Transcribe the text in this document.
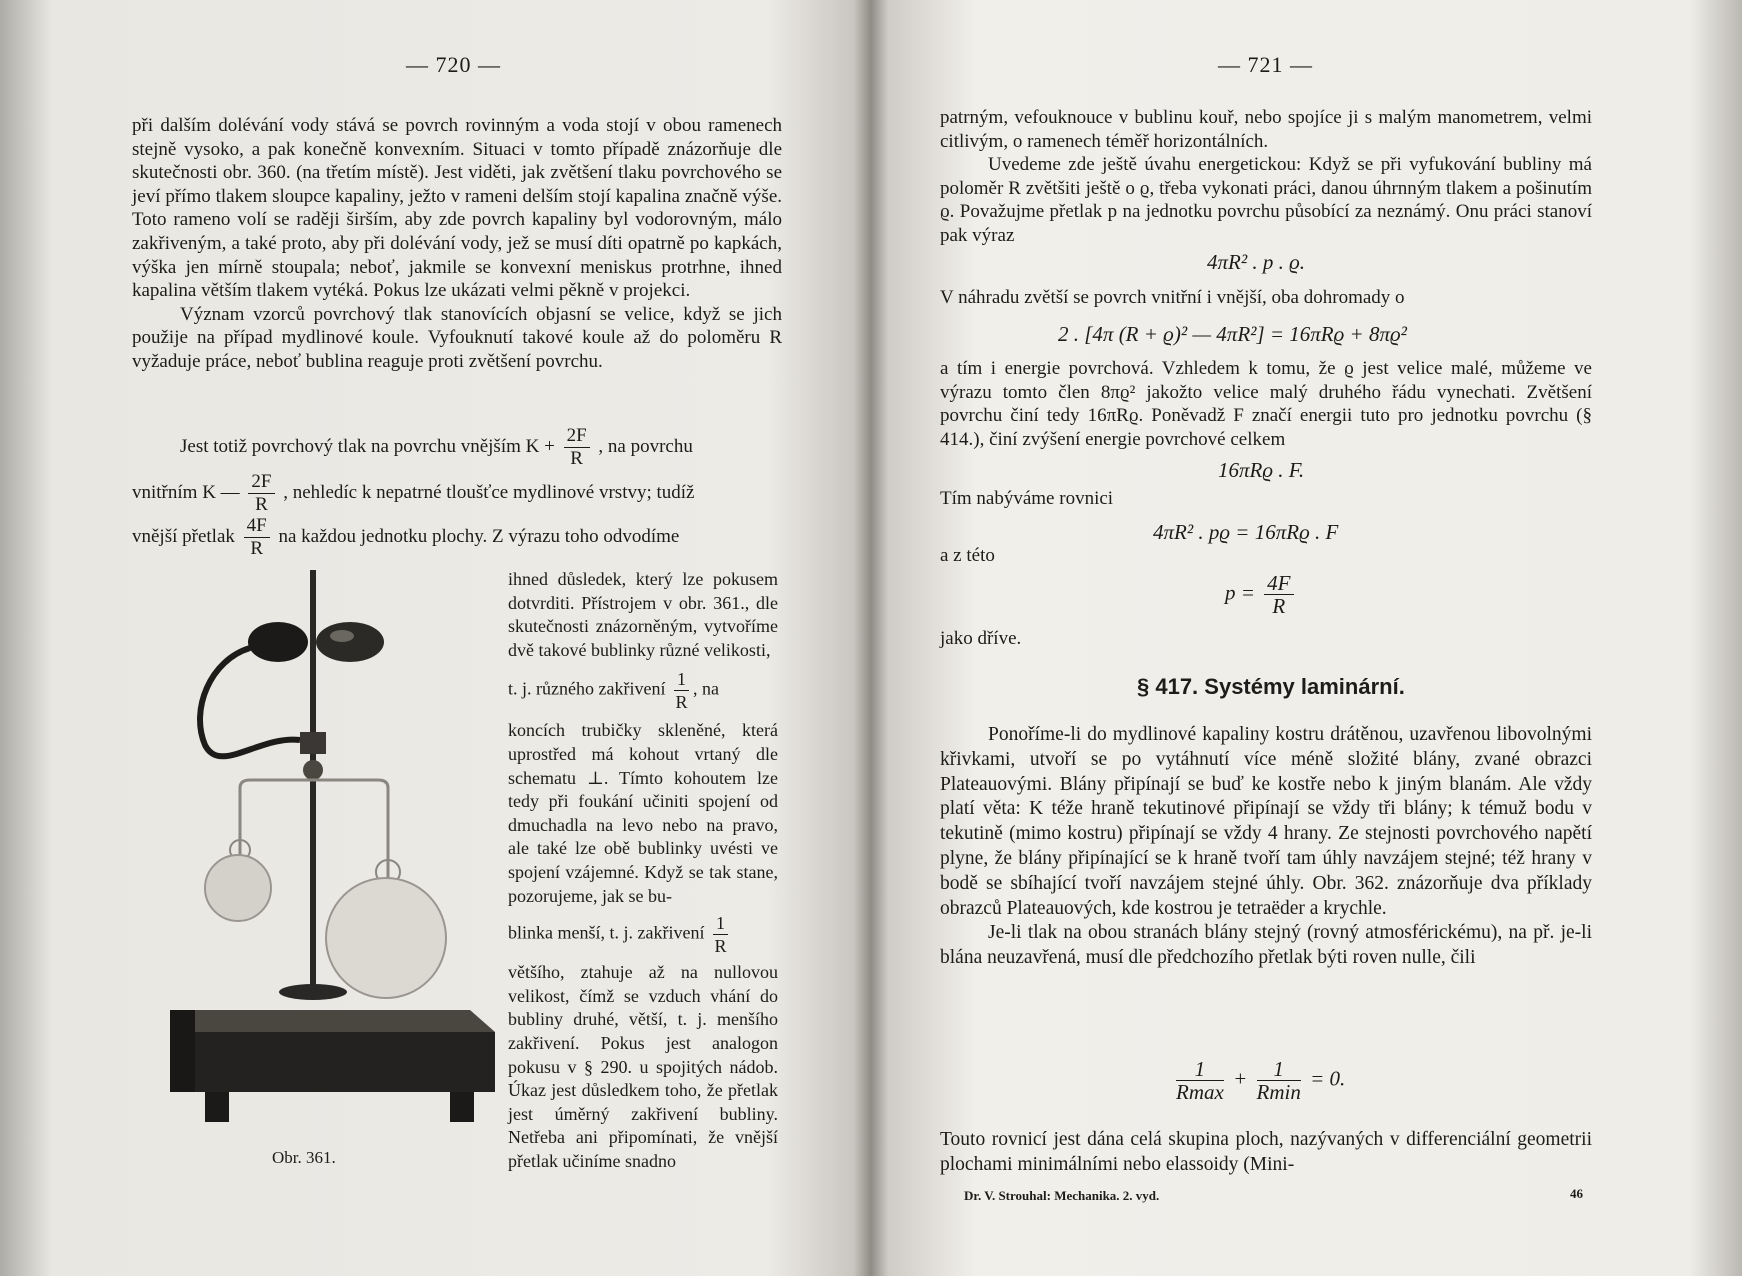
— 720 —

při dalším dolévání vody stává se povrch rovinným a voda stojí v obou ramenech stejně vysoko, a pak konečně konvexním. Situaci v tomto případě znázorňuje dle skutečnosti obr. 360. (na třetím místě). Jest viděti, jak zvětšení tlaku povrchového se jeví přímo tlakem sloupce kapaliny, ježto v rameni delším stojí kapalina značně výše. Toto rameno volí se raději širším, aby zde povrch kapaliny byl vodorovným, málo zakřiveným, a také proto, aby při dolévání vody, jež se musí díti opatrně po kapkách, výška jen mírně stoupala; neboť, jakmile se konvexní meniskus protrhne, ihned kapalina větším tlakem vytéká. Pokus lze ukázati velmi pěkně v projekci.

Význam vzorců povrchový tlak stanovících objasní se velice, když se jich použije na případ mydlinové koule. Vyfouknutí takové koule až do poloměru R vyžaduje práce, neboť bublina reaguje proti zvětšení povrchu.

Jest totiž povrchový tlak na povrchu vnějším $K + \frac{2F}{R}$ , na povrchu
vnitřním K — $\frac{2F}{R}$ , nehledíc k nepatrné tloušťce mydlinové vrstvy; tudíž
vnější přetlak $\frac{4F}{R}$ na každou jednotku plochy. Z výrazu toho odvodíme

ihned důsledek, který lze pokusem dotvrditi. Přístrojem v obr. 361., dle skutečnosti znázorněným, vytvoříme dvě takové bublinky různé velikosti,

t. j. různého zakřivení $\frac{1}{R}$ , na

koncích trubičky skleněné, která uprostřed má kohout vrtaný dle schematu ⊥. Tímto kohoutem lze tedy při foukání učiniti spojení od dmuchadla na levo nebo na pravo, ale také lze obě bublinky uvésti ve spojení vzájemné. Když se tak stane, pozorujeme, jak se bu-

blinka menší, t. j. zakřivení $\frac{1}{R}$

většího, ztahuje až na nullovou velikost, čímž se vzduch vhání do bubliny druhé, větší, t. j. menšího zakřivení. Pokus jest analogon pokusu v § 290. u spojitých nádob. Úkaz jest důsledkem toho, že přetlak jest úměrný zakřivení bubliny. Netřeba ani připomínati, že vnější přetlak učiníme snadno

Obr. 361.
— 721 —

patrným, vefouknouce v bublinu kouř, nebo spojíce ji s malým manometrem, velmi citlivým, o ramenech téměř horizontálních.

Uvedeme zde ještě úvahu energetickou: Když se při vyfukování bubliny má poloměr R zvětšiti ještě o ϱ, třeba vykonati práci, danou úhrnným tlakem a pošinutím ϱ. Považujme přetlak p na jednotku povrchu působící za neznámý. Onu práci stanoví pak výraz

4πR² . p . ϱ.
V náhradu zvětší se povrch vnitřní i vnější, oba dohromady o
2 . [4π (R + ϱ)² — 4πR²] = 16πRϱ + 8πϱ²
a tím i energie povrchová. Vzhledem k tomu, že ϱ jest velice malé, můžeme ve výrazu tomto člen 8πϱ² jakožto velice malý druhého řádu vynechati. Zvětšení povrchu činí tedy 16πRϱ. Poněvadž F značí energii tuto pro jednotku povrchu (§ 414.), činí zvýšení energie povrchové celkem
16πRϱ . F.
Tím nabýváme rovnici
4πR² . pϱ = 16πRϱ . F
a z této
$p = \frac{4F}{R}$
jako dříve.
§ 417. Systémy laminární.

Ponoříme-li do mydlinové kapaliny kostru drátěnou, uzavřenou libovolnými křivkami, utvoří se po vytáhnutí více méně složité blány, zvané obrazci Plateauovými. Blány připínají se buď ke kostře nebo k jiným blanám. Ale vždy platí věta: K téže hraně tekutinové připínají se vždy tři blány; k témuž bodu v tekutině (mimo kostru) připínají se vždy 4 hrany. Ze stejnosti povrchového napětí plyne, že blány připínající se k hraně tvoří tam úhly navzájem stejné; též hrany v bodě se sbíhající tvoří navzájem stejné úhly. Obr. 362. znázorňuje dva příklady obrazců Plateauových, kde kostrou je tetraëder a krychle.

Je-li tlak na obou stranách blány stejný (rovný atmosférickému), na př. je-li blána neuzavřená, musí dle předchozího přetlak býti roven nulle, čili

$\frac{1}{Rmax} + \frac{1}{Rmin} = 0$.
Touto rovnicí jest dána celá skupina ploch, nazývaných v differenciální geometrii plochami minimálními nebo elassoidy (Mini-
Dr. V. Strouhal: Mechanika. 2. vyd.	46
